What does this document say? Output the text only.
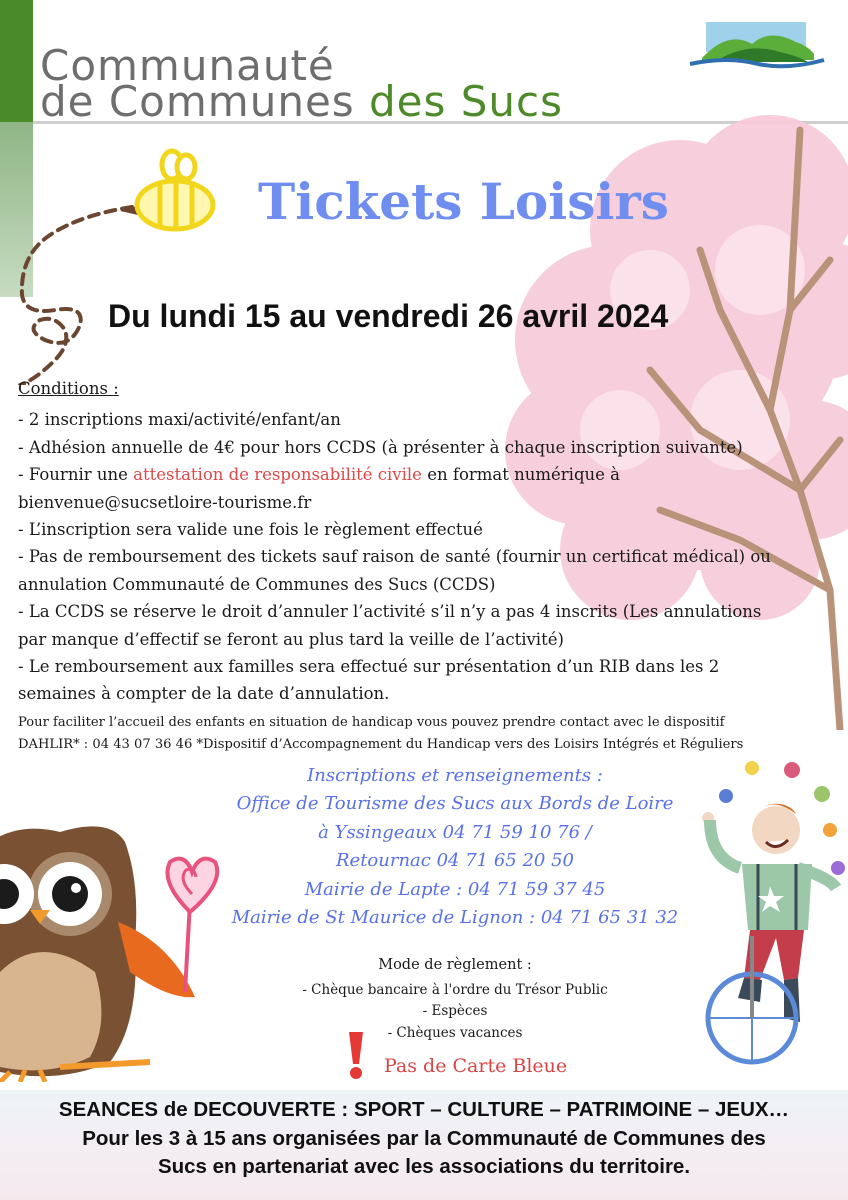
Communauté
de Communes des Sucs
Tickets Loisirs
Du lundi 15 au vendredi 26 avril 2024
Conditions :
- 2 inscriptions maxi/activité/enfant/an
- Adhésion annuelle de 4€ pour hors CCDS (à présenter à chaque inscription suivante)
- Fournir une attestation de responsabilité civile en format numérique à
bienvenue@sucsetloire-tourisme.fr
- L’inscription sera valide une fois le règlement effectué
- Pas de remboursement des tickets sauf raison de santé (fournir un certificat médical) ou
annulation Communauté de Communes des Sucs (CCDS)
- La CCDS se réserve le droit d’annuler l’activité s’il n’y a pas 4 inscrits (Les annulations
par manque d’effectif se feront au plus tard la veille de l’activité)
- Le remboursement aux familles sera effectué sur présentation d’un RIB dans les 2
semaines à compter de la date d’annulation.
Pour faciliter l’accueil des enfants en situation de handicap vous pouvez prendre contact avec le dispositif
DAHLIR* : 04 43 07 36 46 *Dispositif d’Accompagnement du Handicap vers des Loisirs Intégrés et Réguliers
Inscriptions et renseignements :
Office de Tourisme des Sucs aux Bords de Loire
à Yssingeaux 04 71 59 10 76 /
Retournac 04 71 65 20 50
Mairie de Lapte : 04 71 59 37 45
Mairie de St Maurice de Lignon : 04 71 65 31 32
Mode de règlement :
- Chèque bancaire à l'ordre du Trésor Public
- Espèces
- Chèques vacances
Pas de Carte Bleue
SEANCES de DECOUVERTE : SPORT – CULTURE – PATRIMOINE – JEUX…
Pour les 3 à 15 ans organisées par la Communauté de Communes des
Sucs en partenariat avec les associations du territoire.
